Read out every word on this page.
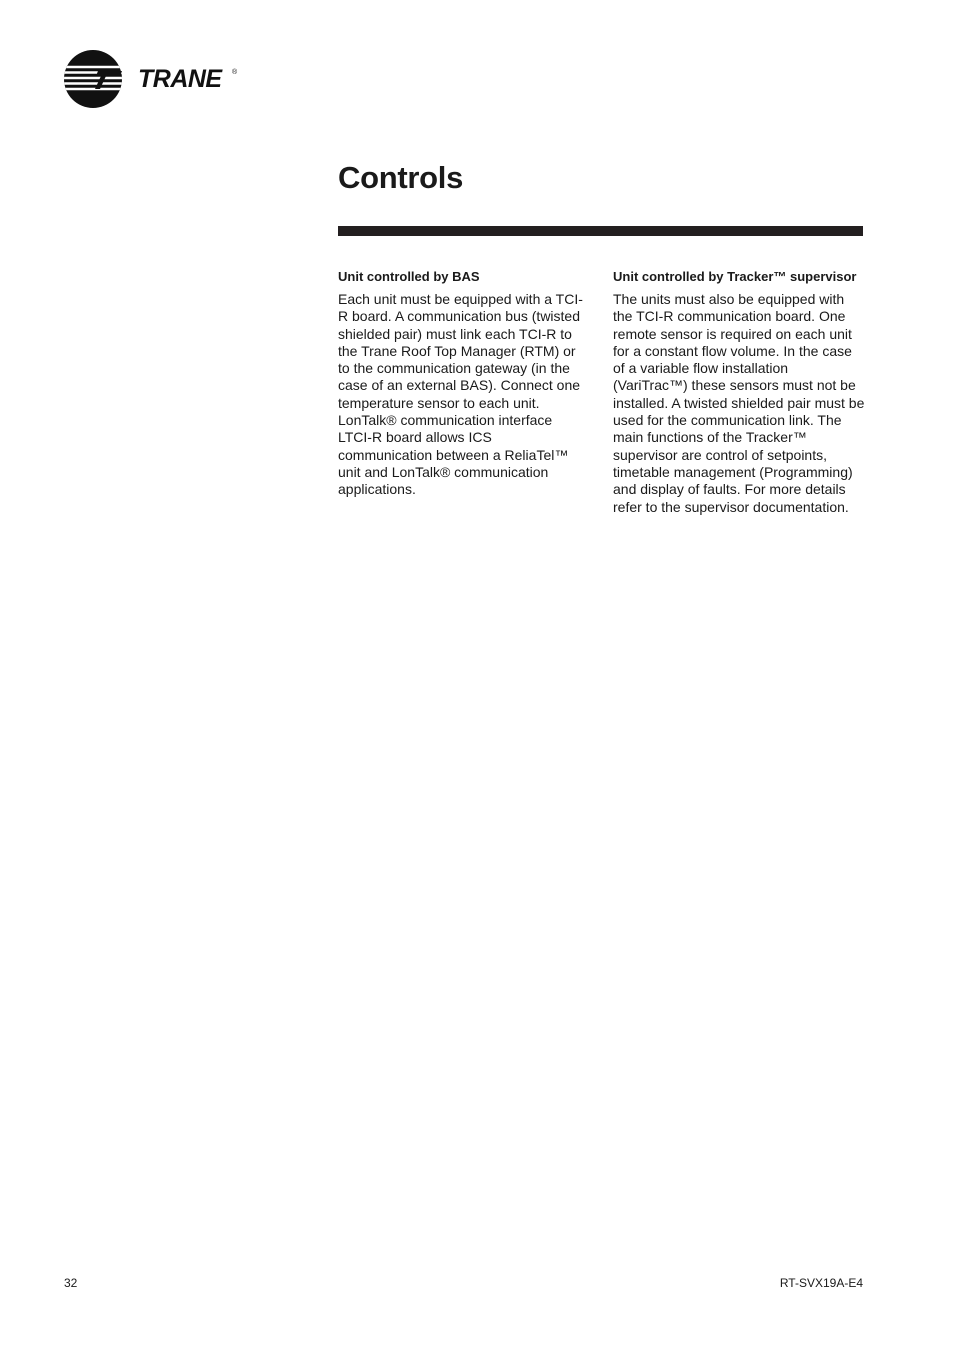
TRANE ®
Controls
Unit controlled by BAS

Each unit must be equipped with a TCI-R board. A communication bus (twisted shielded pair) must link each TCI-R to the Trane Roof Top Manager (RTM) or to the communication gateway (in the case of an external BAS). Connect one temperature sensor to each unit. LonTalk® communication interface LTCI-R board allows ICS communication between a ReliaTel™ unit and LonTalk® communication applications.

Unit controlled by Tracker™ supervisor

The units must also be equipped with the TCI-R communication board. One remote sensor is required on each unit for a constant flow volume. In the case of a variable flow installation (VariTrac™) these sensors must not be installed. A twisted shielded pair must be used for the communication link. The main functions of the Tracker™ supervisor are control of setpoints, timetable management (Programming) and display of faults. For more details refer to the supervisor documentation.

32	RT-SVX19A-E4
